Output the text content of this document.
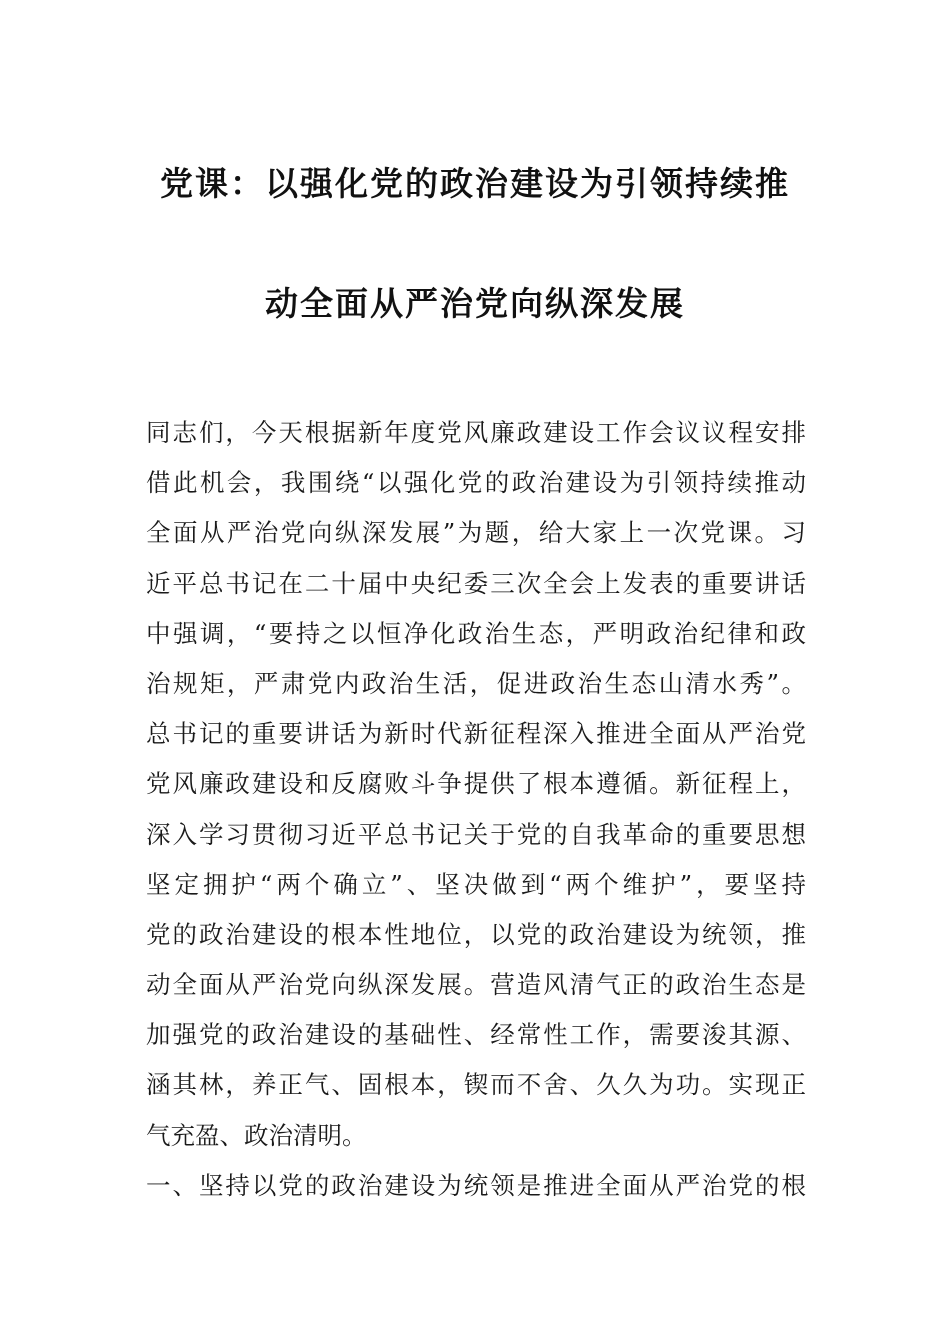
党课：以强化党的政治建设为引领持续推
动全面从严治党向纵深发展
同志们，今天根据新年度党风廉政建设工作会议议程安排
借此机会，我围绕“以强化党的政治建设为引领持续推动
全面从严治党向纵深发展”为题，给大家上一次党课。习
近平总书记在二十届中央纪委三次全会上发表的重要讲话
中强调，“要持之以恒净化政治生态，严明政治纪律和政
治规矩，严肃党内政治生活，促进政治生态山清水秀”。
总书记的重要讲话为新时代新征程深入推进全面从严治党
党风廉政建设和反腐败斗争提供了根本遵循。新征程上，
深入学习贯彻习近平总书记关于党的自我革命的重要思想
坚定拥护“两个确立”、坚决做到“两个维护”，要坚持
党的政治建设的根本性地位，以党的政治建设为统领，推
动全面从严治党向纵深发展。营造风清气正的政治生态是
加强党的政治建设的基础性、经常性工作，需要浚其源、
涵其林，养正气、固根本，锲而不舍、久久为功。实现正
气充盈、政治清明。
一、坚持以党的政治建设为统领是推进全面从严治党的根
